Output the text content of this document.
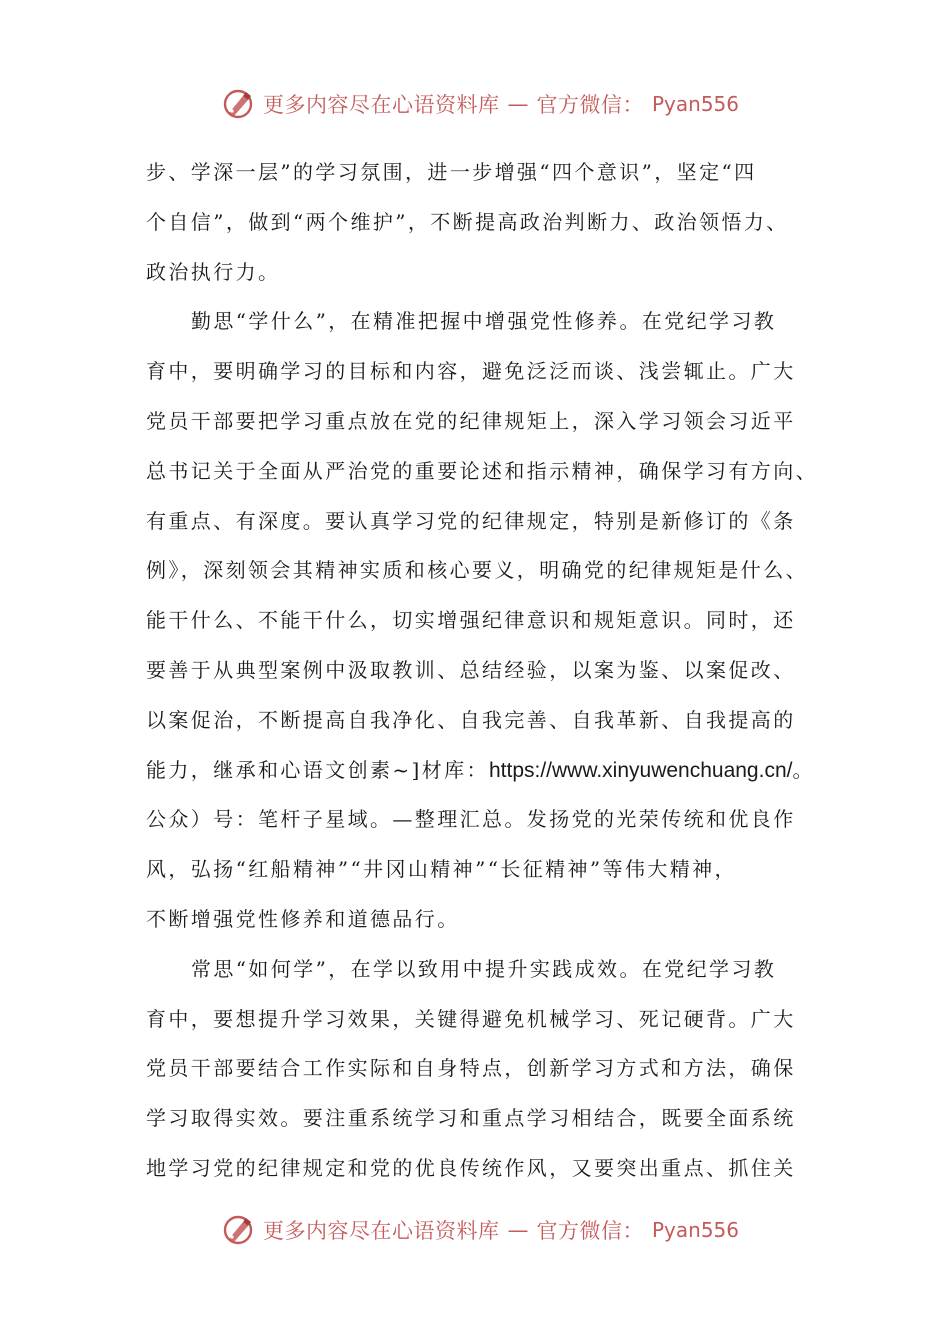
更多内容尽在心语资料库 — 官方微信： Pyan556

步、学深一层”的学习氛围，进一步增强“四个意识”，坚定“四
个自信”，做到“两个维护”，不断提高政治判断力、政治领悟力、
政治执行力。

勤思“学什么”，在精准把握中增强党性修养。在党纪学习教
育中，要明确学习的目标和内容，避免泛泛而谈、浅尝辄止。广大
党员干部要把学习重点放在党的纪律规矩上，深入学习领会习近平
总书记关于全面从严治党的重要论述和指示精神，确保学习有方向、
有重点、有深度。要认真学习党的纪律规定，特别是新修订的《条
例》，深刻领会其精神实质和核心要义，明确党的纪律规矩是什么、
能干什么、不能干什么，切实增强纪律意识和规矩意识。同时，还
要善于从典型案例中汲取教训、总结经验，以案为鉴、以案促改、
以案促治，不断提高自我净化、自我完善、自我革新、自我提高的
能力，继承和心语文创素~]材库：https://www.xinyuwenchuang.cn/。
公众）号：笔杆子星域。—整理汇总。发扬党的光荣传统和优良作
风，弘扬“红船精神”“井冈山精神”“长征精神”等伟大精神，
不断增强党性修养和道德品行。

常思“如何学”，在学以致用中提升实践成效。在党纪学习教
育中，要想提升学习效果，关键得避免机械学习、死记硬背。广大
党员干部要结合工作实际和自身特点，创新学习方式和方法，确保
学习取得实效。要注重系统学习和重点学习相结合，既要全面系统
地学习党的纪律规定和党的优良传统作风，又要突出重点、抓住关

更多内容尽在心语资料库 — 官方微信： Pyan556
